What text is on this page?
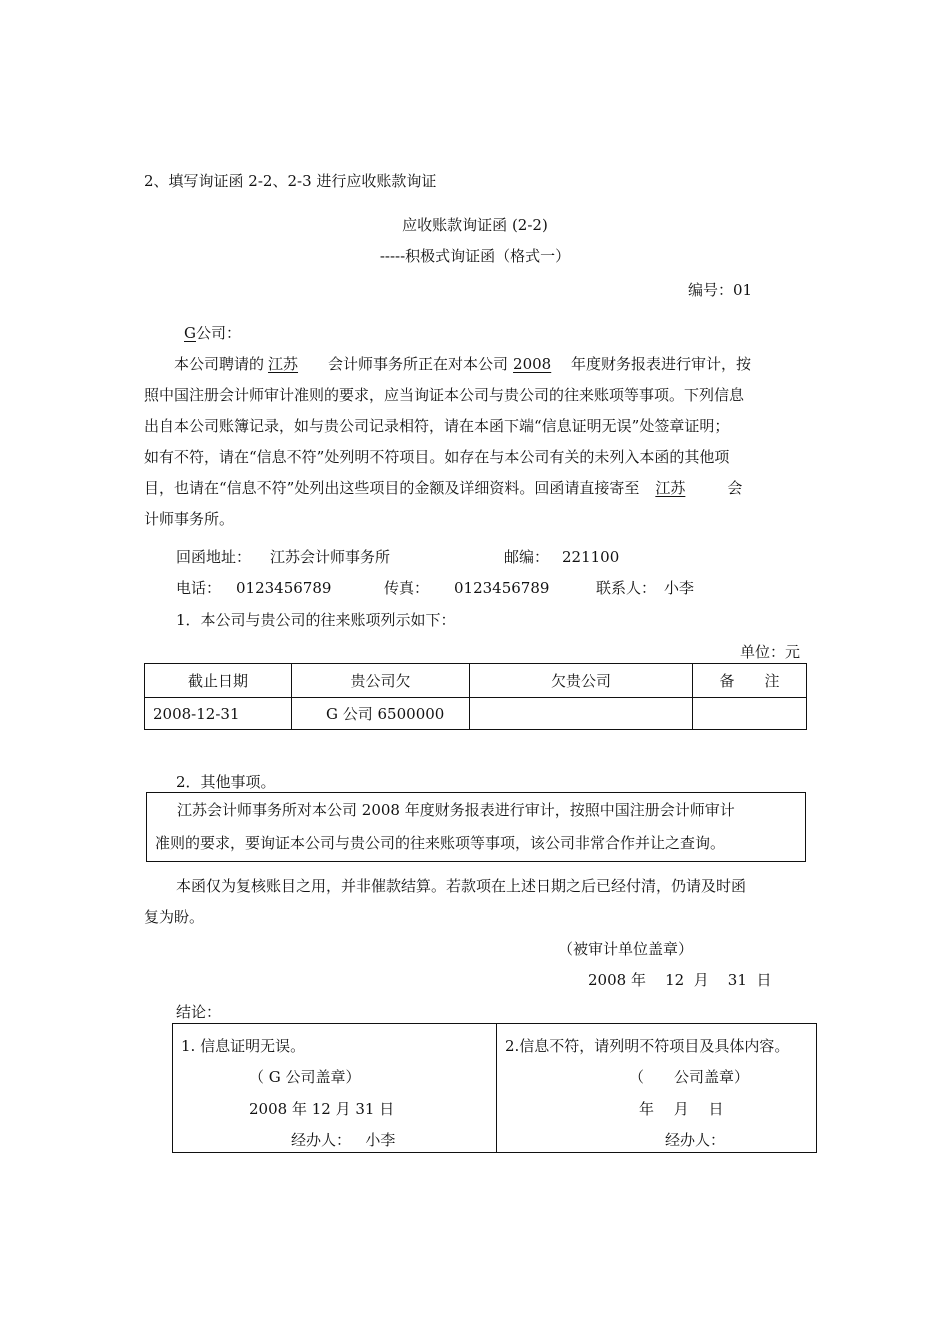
2、填写询证函 2-2、2-3 进行应收账款询证
应收账款询证函 (2-2)
-----积极式询证函（格式一）
编号：01
G公司：
本公司聘请的 江苏 会计师事务所正在对本公司 2008 年度财务报表进行审计，按
照中国注册会计师审计准则的要求，应当询证本公司与贵公司的往来账项等事项。下列信息
出自本公司账簿记录，如与贵公司记录相符，请在本函下端“信息证明无误”处签章证明；
如有不符，请在“信息不符”处列明不符项目。如存在与本公司有关的未列入本函的其他项
目，也请在“信息不符”处列出这些项目的金额及详细资料。回函请直接寄至 江苏	会
计师事务所。
回函地址： 江苏会计师事务所	邮编： 221100
电话： 0123456789	传真： 0123456789	联系人： 小李
1．本公司与贵公司的往来账项列示如下：
单位：元
截止日期	贵公司欠	欠贵公司	备　　注
2008-12-31	G 公司 6500000		
2．其他事项。
江苏会计师事务所对本公司 2008 年度财务报表进行审计，按照中国注册会计师审计
准则的要求，要询证本公司与贵公司的往来账项等事项，该公司非常合作并让之查询。
本函仅为复核账目之用，并非催款结算。若款项在上述日期之后已经付清，仍请及时函
复为盼。
（被审计单位盖章）
2008 年 12 月 31 日
结论：
1. 信息证明无误。
（ G 公司盖章）
2008 年 12 月 31 日
经办人： 小李
2.信息不符，请列明不符项目及具体内容。
（　　公司盖章）
年　 月　 日
经办人：
